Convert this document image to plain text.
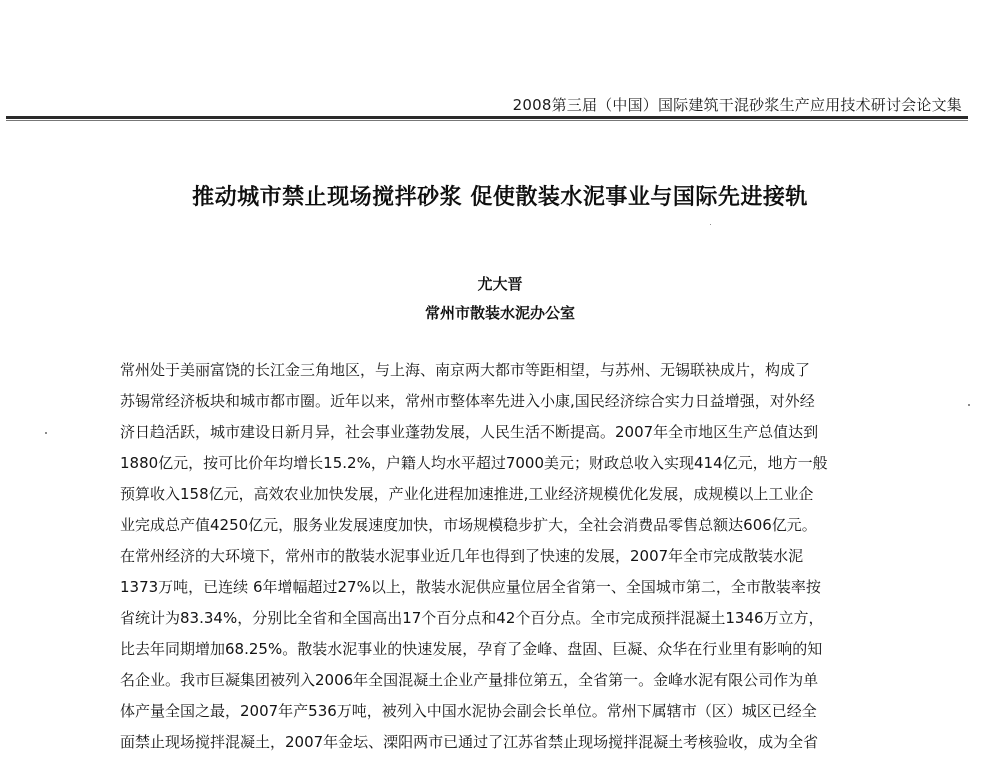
2008第三届（中国）国际建筑干混砂浆生产应用技术研讨会论文集
推动城市禁止现场搅拌砂浆 促使散装水泥事业与国际先进接轨
尤大晋
常州市散装水泥办公室
常州处于美丽富饶的长江金三角地区，与上海、南京两大都市等距相望，与苏州、无锡联袂成片，构成了
苏锡常经济板块和城市都市圈。近年以来，常州市整体率先进入小康,国民经济综合实力日益增强，对外经
济日趋活跃，城市建设日新月异，社会事业蓬勃发展，人民生活不断提高。2007年全市地区生产总值达到
1880亿元，按可比价年均增长15.2%，户籍人均水平超过7000美元；财政总收入实现414亿元，地方一般
预算收入158亿元，高效农业加快发展，产业化进程加速推进,工业经济规模优化发展，成规模以上工业企
业完成总产值4250亿元，服务业发展速度加快，市场规模稳步扩大，全社会消费品零售总额达606亿元。
在常州经济的大环境下，常州市的散装水泥事业近几年也得到了快速的发展，2007年全市完成散装水泥
1373万吨，已连续 6年增幅超过27%以上，散装水泥供应量位居全省第一、全国城市第二，全市散装率按
省统计为83.34%，分别比全省和全国高出17个百分点和42个百分点。全市完成预拌混凝土1346万立方，
比去年同期增加68.25%。散装水泥事业的快速发展，孕育了金峰、盘固、巨凝、众华在行业里有影响的知
名企业。我市巨凝集团被列入2006年全国混凝土企业产量排位第五，全省第一。金峰水泥有限公司作为单
体产量全国之最，2007年产536万吨，被列入中国水泥协会副会长单位。常州下属辖市（区）城区已经全
面禁止现场搅拌混凝土，2007年金坛、溧阳两市已通过了江苏省禁止现场搅拌混凝土考核验收，成为全省
